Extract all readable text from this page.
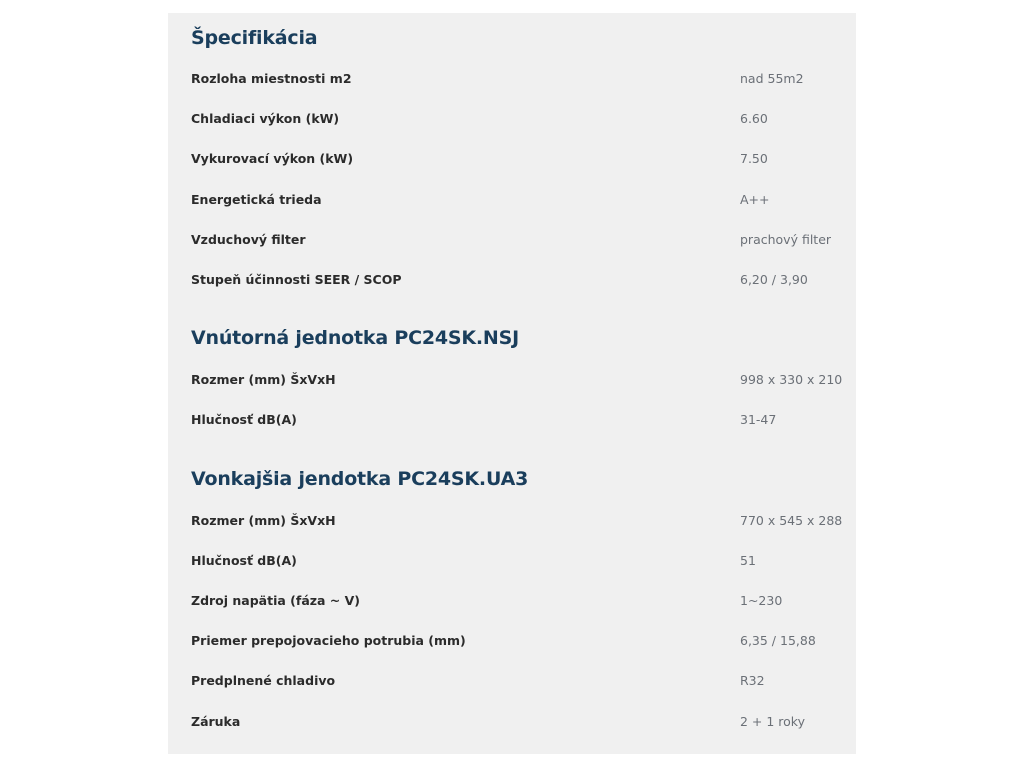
Špecifikácia
Rozloha miestnosti m2	nad 55m2
Chladiaci výkon (kW)	6.60
Vykurovací výkon (kW)	7.50
Energetická trieda	A++
Vzduchový filter	prachový filter
Stupeň účinnosti SEER / SCOP	6,20 / 3,90
Vnútorná jednotka PC24SK.NSJ
Rozmer (mm) ŠxVxH	998 x 330 x 210
Hlučnosť dB(A)	31-47
Vonkajšia jendotka PC24SK.UA3
Rozmer (mm) ŠxVxH	770 x 545 x 288
Hlučnosť dB(A)	51
Zdroj napätia (fáza ~ V)	1~230
Priemer prepojovacieho potrubia (mm)	6,35 / 15,88
Predplnené chladivo	R32
Záruka	2 + 1 roky
